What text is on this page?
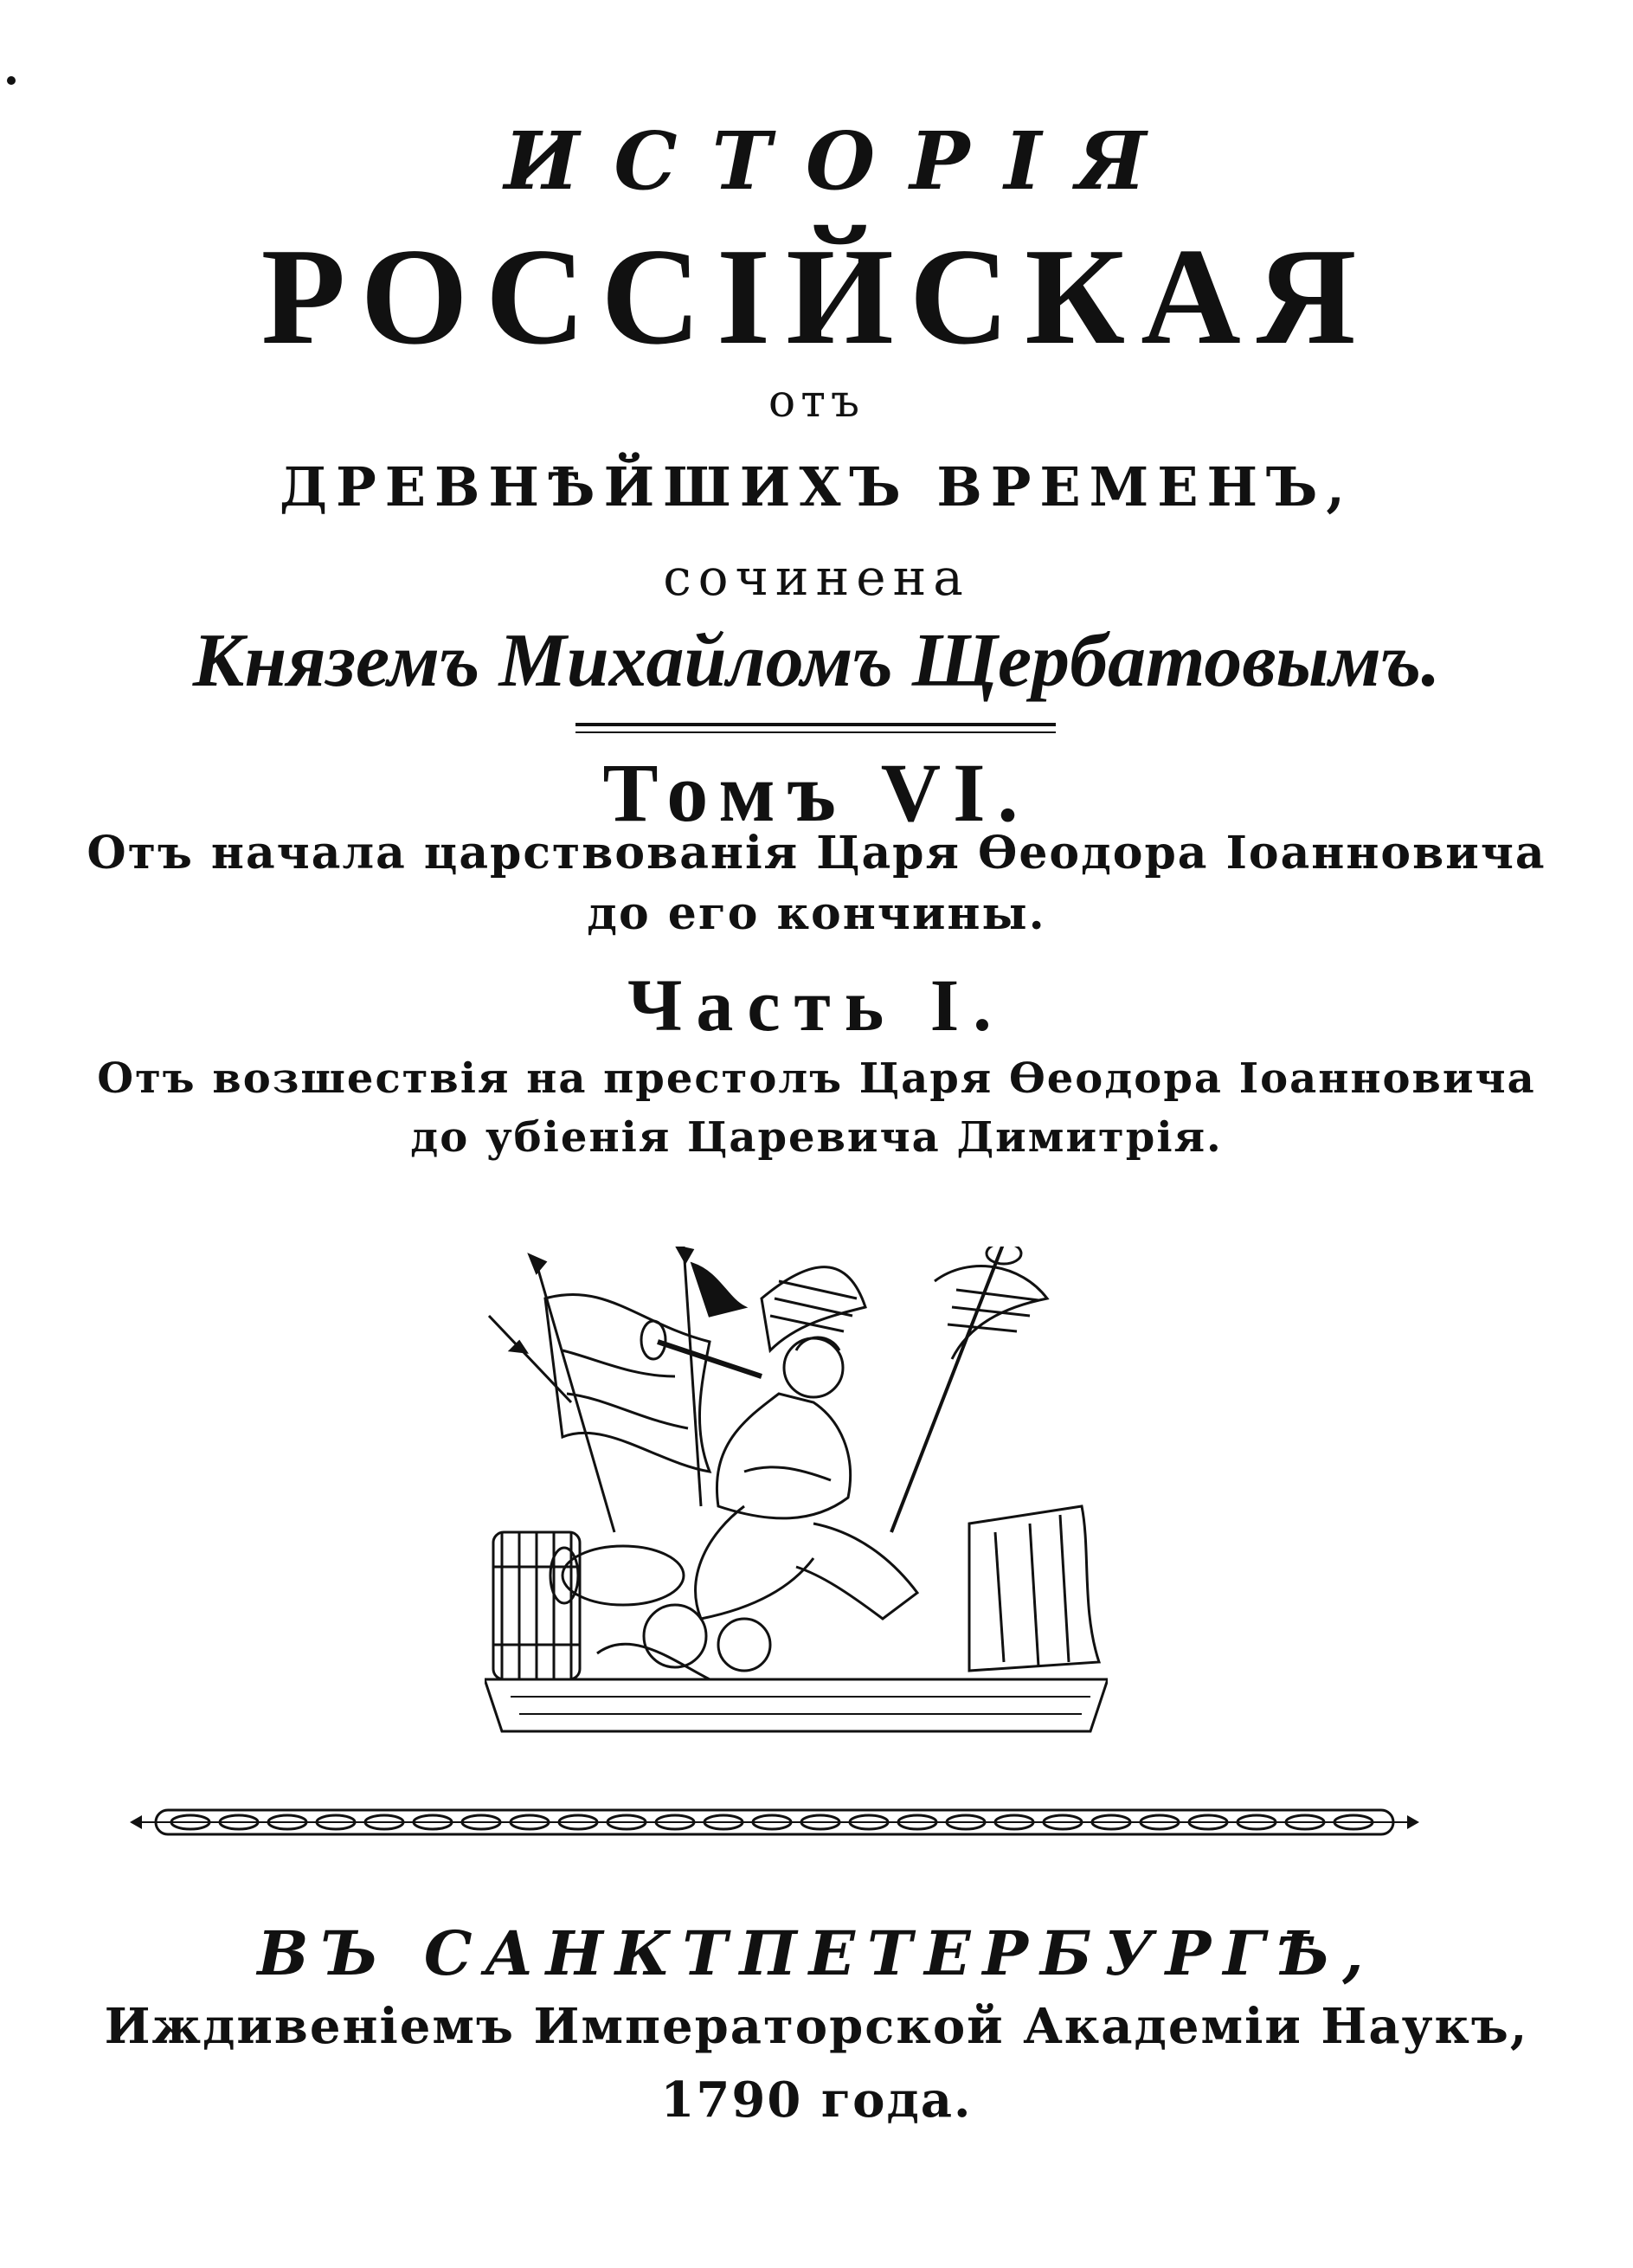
ИСТОРІЯ
РОССІЙСКАЯ
отъ
ДРЕВНѢЙШИХЪ ВРЕМЕНЪ,
сочинена
Княземъ Михайломъ Щербатовымъ.
Томъ VI.
Отъ начала царствованія Царя Ѳеодора Іоанновича
до его кончины.
Часть I.
Отъ возшествія на престолъ Царя Ѳеодора Іоанновича
до убіенія Царевича Димитрія.
ВЪ САНКТПЕТЕРБУРГѢ,
Иждивеніемъ Императорской Академіи Наукъ,
1790 года.
